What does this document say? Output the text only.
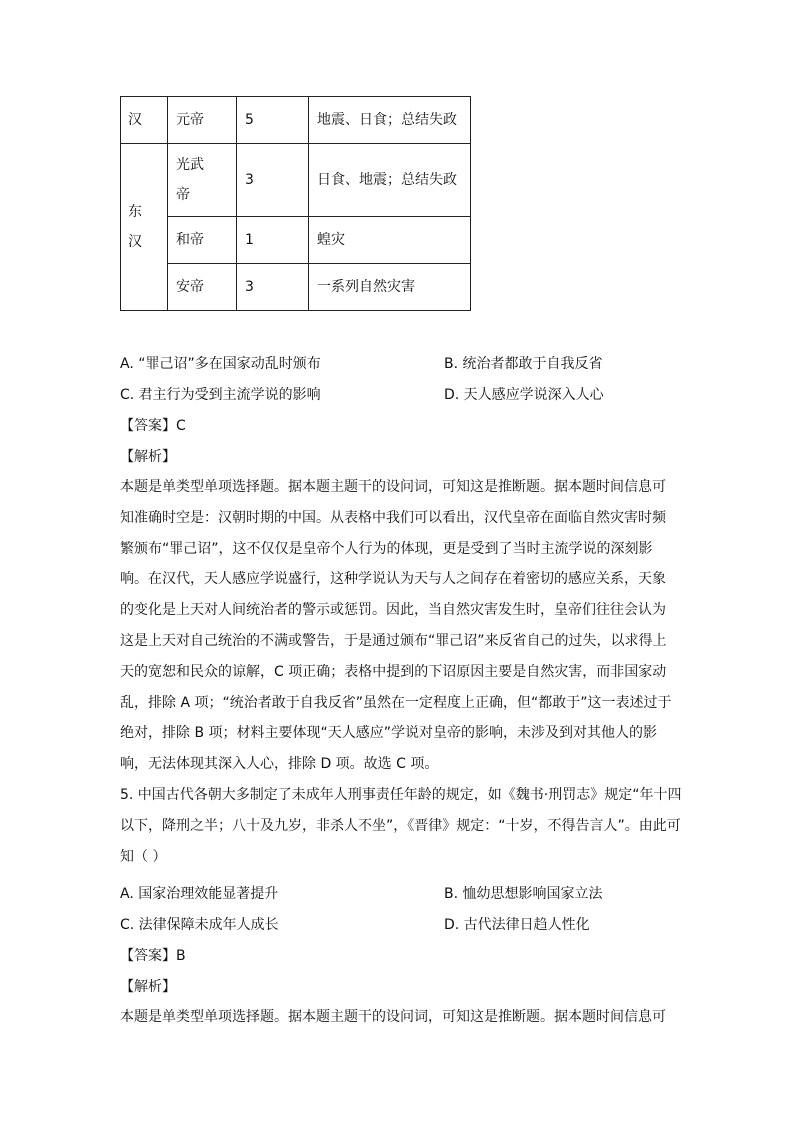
汉	元帝	5	地震、日食；总结失政
东汉	光武帝	3	日食、地震；总结失政
	和帝	1	蝗灾
	安帝	3	一系列自然灾害
A. “罪己诏”多在国家动乱时颁布	B. 统治者都敢于自我反省
C. 君主行为受到主流学说的影响	D. 天人感应学说深入人心
【答案】C
【解析】
本题是单类型单项选择题。据本题主题干的设问词，可知这是推断题。据本题时间信息可
知准确时空是：汉朝时期的中国。从表格中我们可以看出，汉代皇帝在面临自然灾害时频
繁颁布“罪己诏”，这不仅仅是皇帝个人行为的体现，更是受到了当时主流学说的深刻影
响。在汉代，天人感应学说盛行，这种学说认为天与人之间存在着密切的感应关系，天象
的变化是上天对人间统治者的警示或惩罚。因此，当自然灾害发生时，皇帝们往往会认为
这是上天对自己统治的不满或警告，于是通过颁布“罪己诏”来反省自己的过失，以求得上
天的宽恕和民众的谅解，C 项正确；表格中提到的下诏原因主要是自然灾害，而非国家动
乱，排除 A 项；“统治者敢于自我反省”虽然在一定程度上正确，但“都敢于”这一表述过于
绝对，排除 B 项；材料主要体现“天人感应”学说对皇帝的影响，未涉及到对其他人的影
响，无法体现其深入人心，排除 D 项。故选 C 项。
5. 中国古代各朝大多制定了未成年人刑事责任年龄的规定，如《魏书·刑罚志》规定“年十四
以下，降刑之半；八十及九岁，非杀人不坐”，《晋律》规定：“十岁，不得告言人”。由此可
知（ ）
A. 国家治理效能显著提升	B. 恤幼思想影响国家立法
C. 法律保障未成年人成长	D. 古代法律日趋人性化
【答案】B
【解析】
本题是单类型单项选择题。据本题主题干的设问词，可知这是推断题。据本题时间信息可
